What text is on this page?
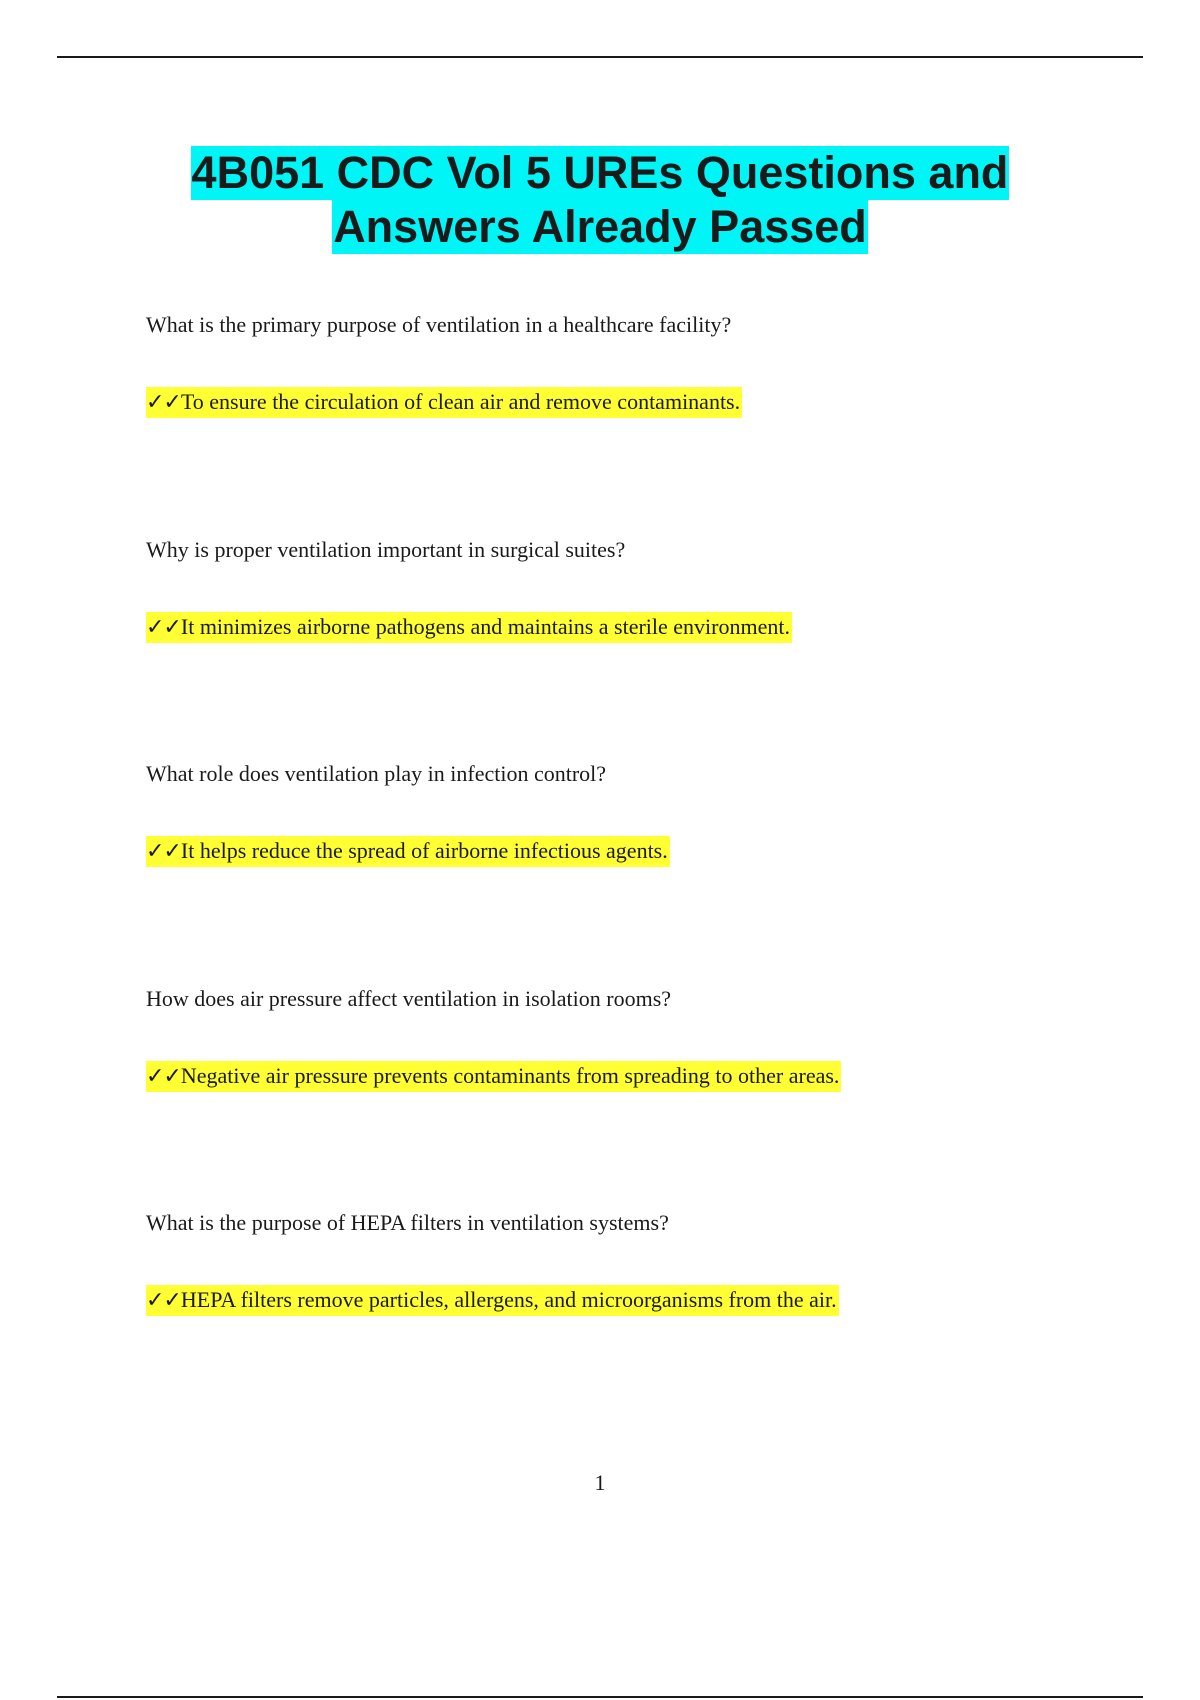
4B051 CDC Vol 5 UREs Questions and
Answers Already Passed
What is the primary purpose of ventilation in a healthcare facility?
✓✓To ensure the circulation of clean air and remove contaminants.
Why is proper ventilation important in surgical suites?
✓✓It minimizes airborne pathogens and maintains a sterile environment.
What role does ventilation play in infection control?
✓✓It helps reduce the spread of airborne infectious agents.
How does air pressure affect ventilation in isolation rooms?
✓✓Negative air pressure prevents contaminants from spreading to other areas.
What is the purpose of HEPA filters in ventilation systems?
✓✓HEPA filters remove particles, allergens, and microorganisms from the air.
1
